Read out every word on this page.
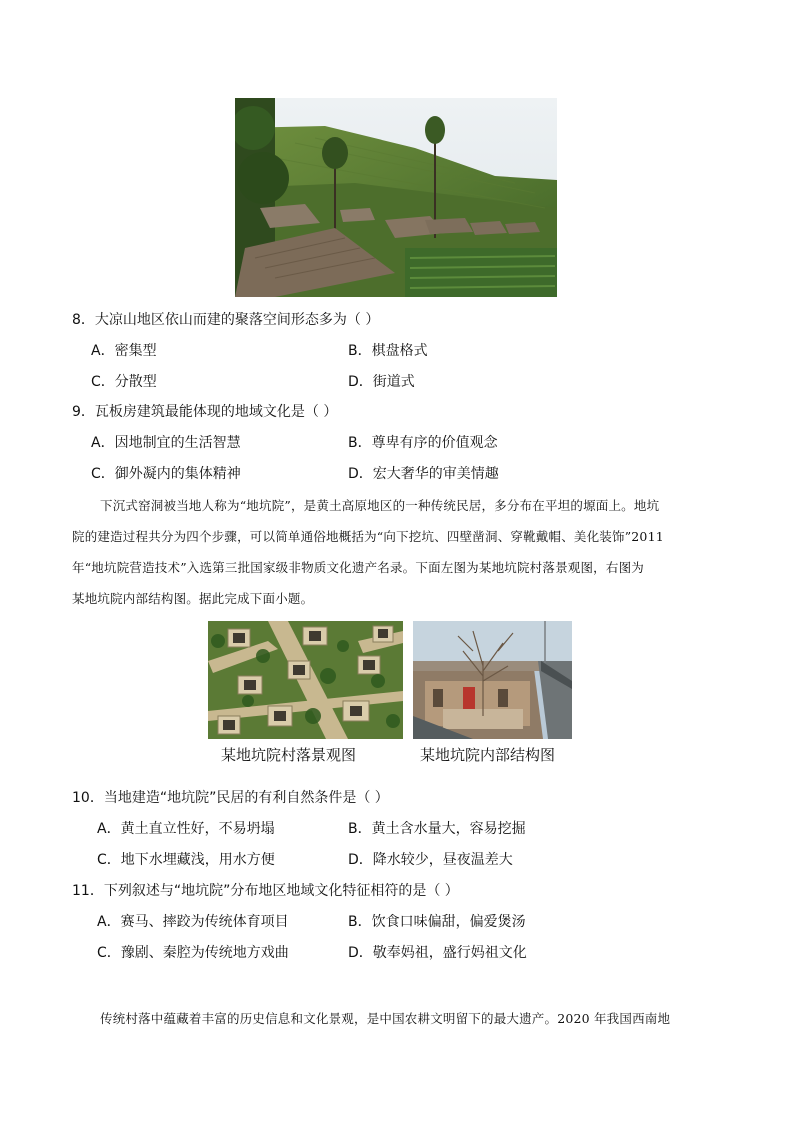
8．大凉山地区依山而建的聚落空间形态多为（ ）
A．密集型	B．棋盘格式
C．分散型	D．街道式
9．瓦板房建筑最能体现的地域文化是（ ）
A．因地制宜的生活智慧	B．尊卑有序的价值观念
C．御外凝内的集体精神	D．宏大奢华的审美情趣
下沉式窑洞被当地人称为“地坑院”，是黄土高原地区的一种传统民居，多分布在平坦的塬面上。地坑
院的建造过程共分为四个步骤，可以简单通俗地概括为“向下挖坑、四壁凿洞、穿靴戴帽、美化装饰”2011
年“地坑院营造技术”入选第三批国家级非物质文化遗产名录。下面左图为某地坑院村落景观图，右图为
某地坑院内部结构图。据此完成下面小题。
某地坑院村落景观图	某地坑院内部结构图
10．当地建造“地坑院”民居的有利自然条件是（ ）
A．黄土直立性好，不易坍塌	B．黄土含水量大，容易挖掘
C．地下水埋藏浅，用水方便	D．降水较少，昼夜温差大
11．下列叙述与“地坑院”分布地区地域文化特征相符的是（ ）
A．赛马、摔跤为传统体育项目	B．饮食口味偏甜，偏爱煲汤
C．豫剧、秦腔为传统地方戏曲	D．敬奉妈祖，盛行妈祖文化
传统村落中蕴藏着丰富的历史信息和文化景观，是中国农耕文明留下的最大遗产。2020 年我国西南地
